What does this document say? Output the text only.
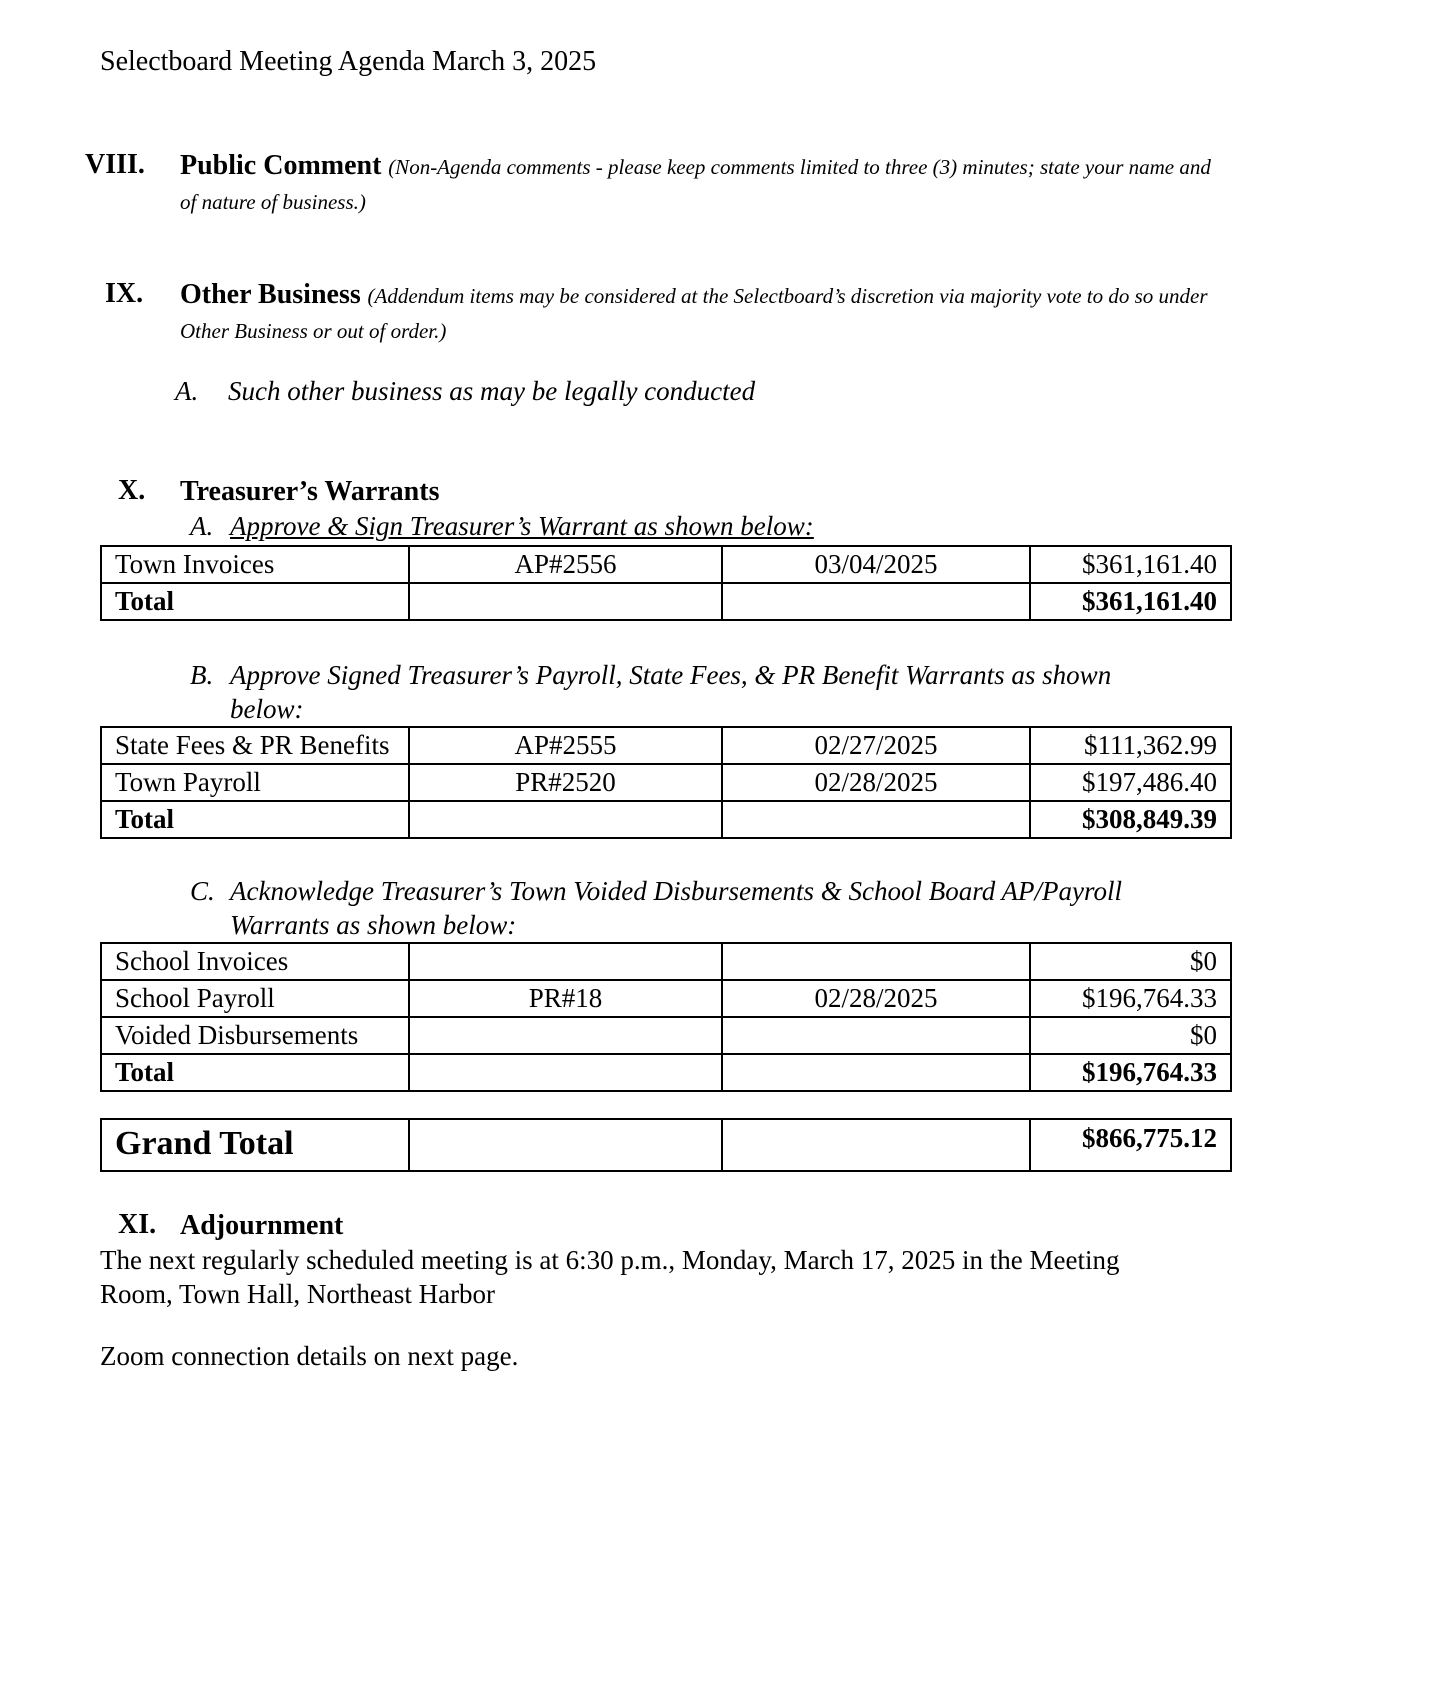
Selectboard Meeting Agenda March 3, 2025
VIII.	Public Comment (Non-Agenda comments - please keep comments limited to three (3) minutes; state your name and of nature of business.)
IX.	Other Business (Addendum items may be considered at the Selectboard’s discretion via majority vote to do so under Other Business or out of order.)
A.	Such other business as may be legally conducted
X.	Treasurer’s Warrants
A. Approve & Sign Treasurer’s Warrant as shown below:
Town Invoices	AP#2556	03/04/2025	$361,161.40
Total			$361,161.40
B. Approve Signed Treasurer’s Payroll, State Fees, & PR Benefit Warrants as shown
below:
State Fees & PR Benefits	AP#2555	02/27/2025	$111,362.99
Town Payroll	PR#2520	02/28/2025	$197,486.40
Total			$308,849.39
C. Acknowledge Treasurer’s Town Voided Disbursements & School Board AP/Payroll
Warrants as shown below:
School Invoices			$0
School Payroll	PR#18	02/28/2025	$196,764.33
Voided Disbursements			$0
Total			$196,764.33
Grand Total			$866,775.12
XI. Adjournment
The next regularly scheduled meeting is at 6:30 p.m., Monday, March 17, 2025 in the Meeting
Room, Town Hall, Northeast Harbor
Zoom connection details on next page.
